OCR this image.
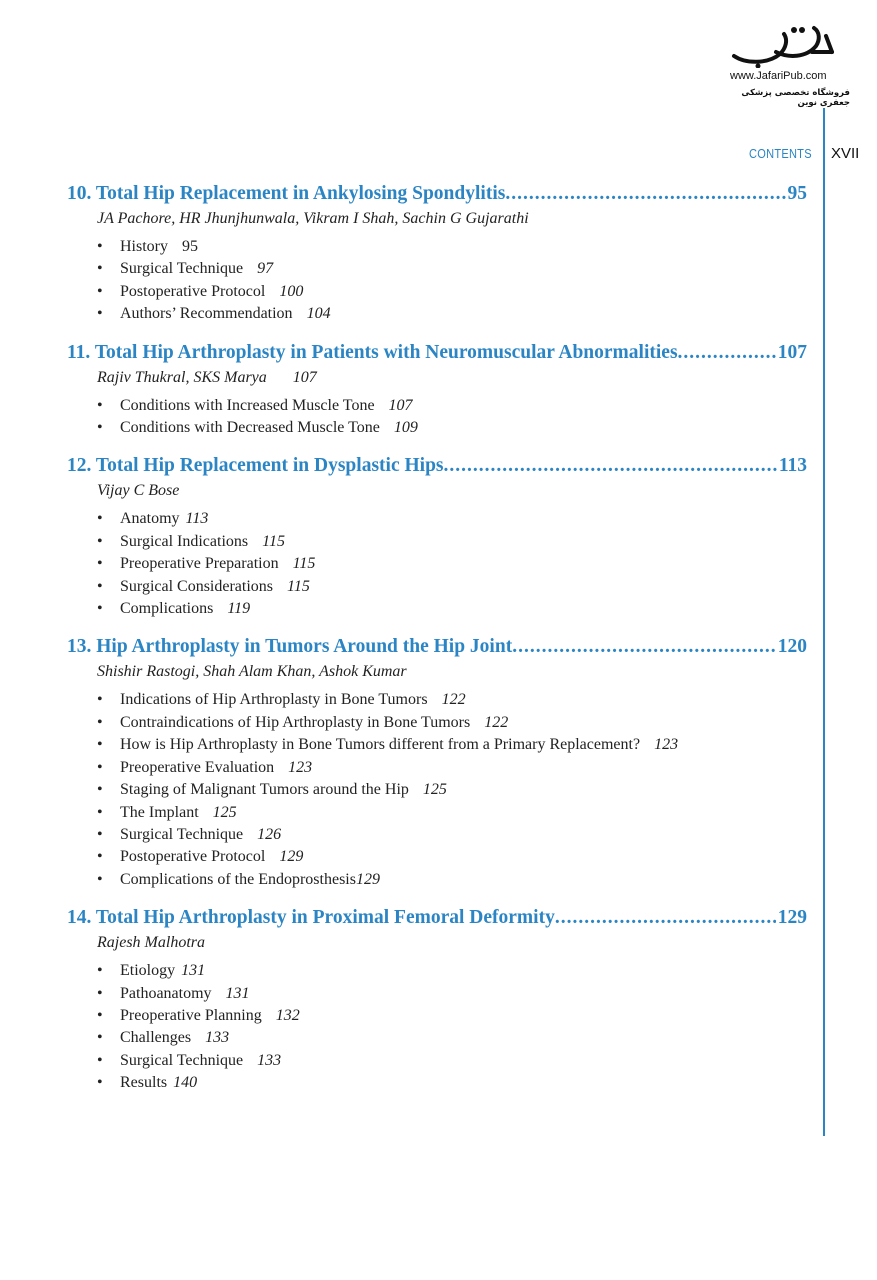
www.JafariPub.com
فروشگاه تخصصی پزشکی جعفری نوین
CONTENTS XVII
10. Total Hip Replacement in Ankylosing Spondylitis .....	95
JA Pachore, HR Jhunjhunwala, Vikram I Shah, Sachin G Gujarathi
• History 95
• Surgical Technique 97
• Postoperative Protocol 100
• Authors’ Recommendation 104
11. Total Hip Arthroplasty in Patients with Neuromuscular Abnormalities .....	107
Rajiv Thukral, SKS Marya 107
• Conditions with Increased Muscle Tone 107
• Conditions with Decreased Muscle Tone 109
12. Total Hip Replacement in Dysplastic Hips .....	113
Vijay C Bose
• Anatomy 113
• Surgical Indications 115
• Preoperative Preparation 115
• Surgical Considerations 115
• Complications 119
13. Hip Arthroplasty in Tumors Around the Hip Joint .....	120
Shishir Rastogi, Shah Alam Khan, Ashok Kumar
• Indications of Hip Arthroplasty in Bone Tumors 122
• Contraindications of Hip Arthroplasty in Bone Tumors 122
• How is Hip Arthroplasty in Bone Tumors different from a Primary Replacement? 123
• Preoperative Evaluation 123
• Staging of Malignant Tumors around the Hip 125
• The Implant 125
• Surgical Technique 126
• Postoperative Protocol 129
• Complications of the Endoprosthesis129
14. Total Hip Arthroplasty in Proximal Femoral Deformity .....	129
Rajesh Malhotra
• Etiology 131
• Pathoanatomy 131
• Preoperative Planning 132
• Challenges 133
• Surgical Technique 133
• Results 140
